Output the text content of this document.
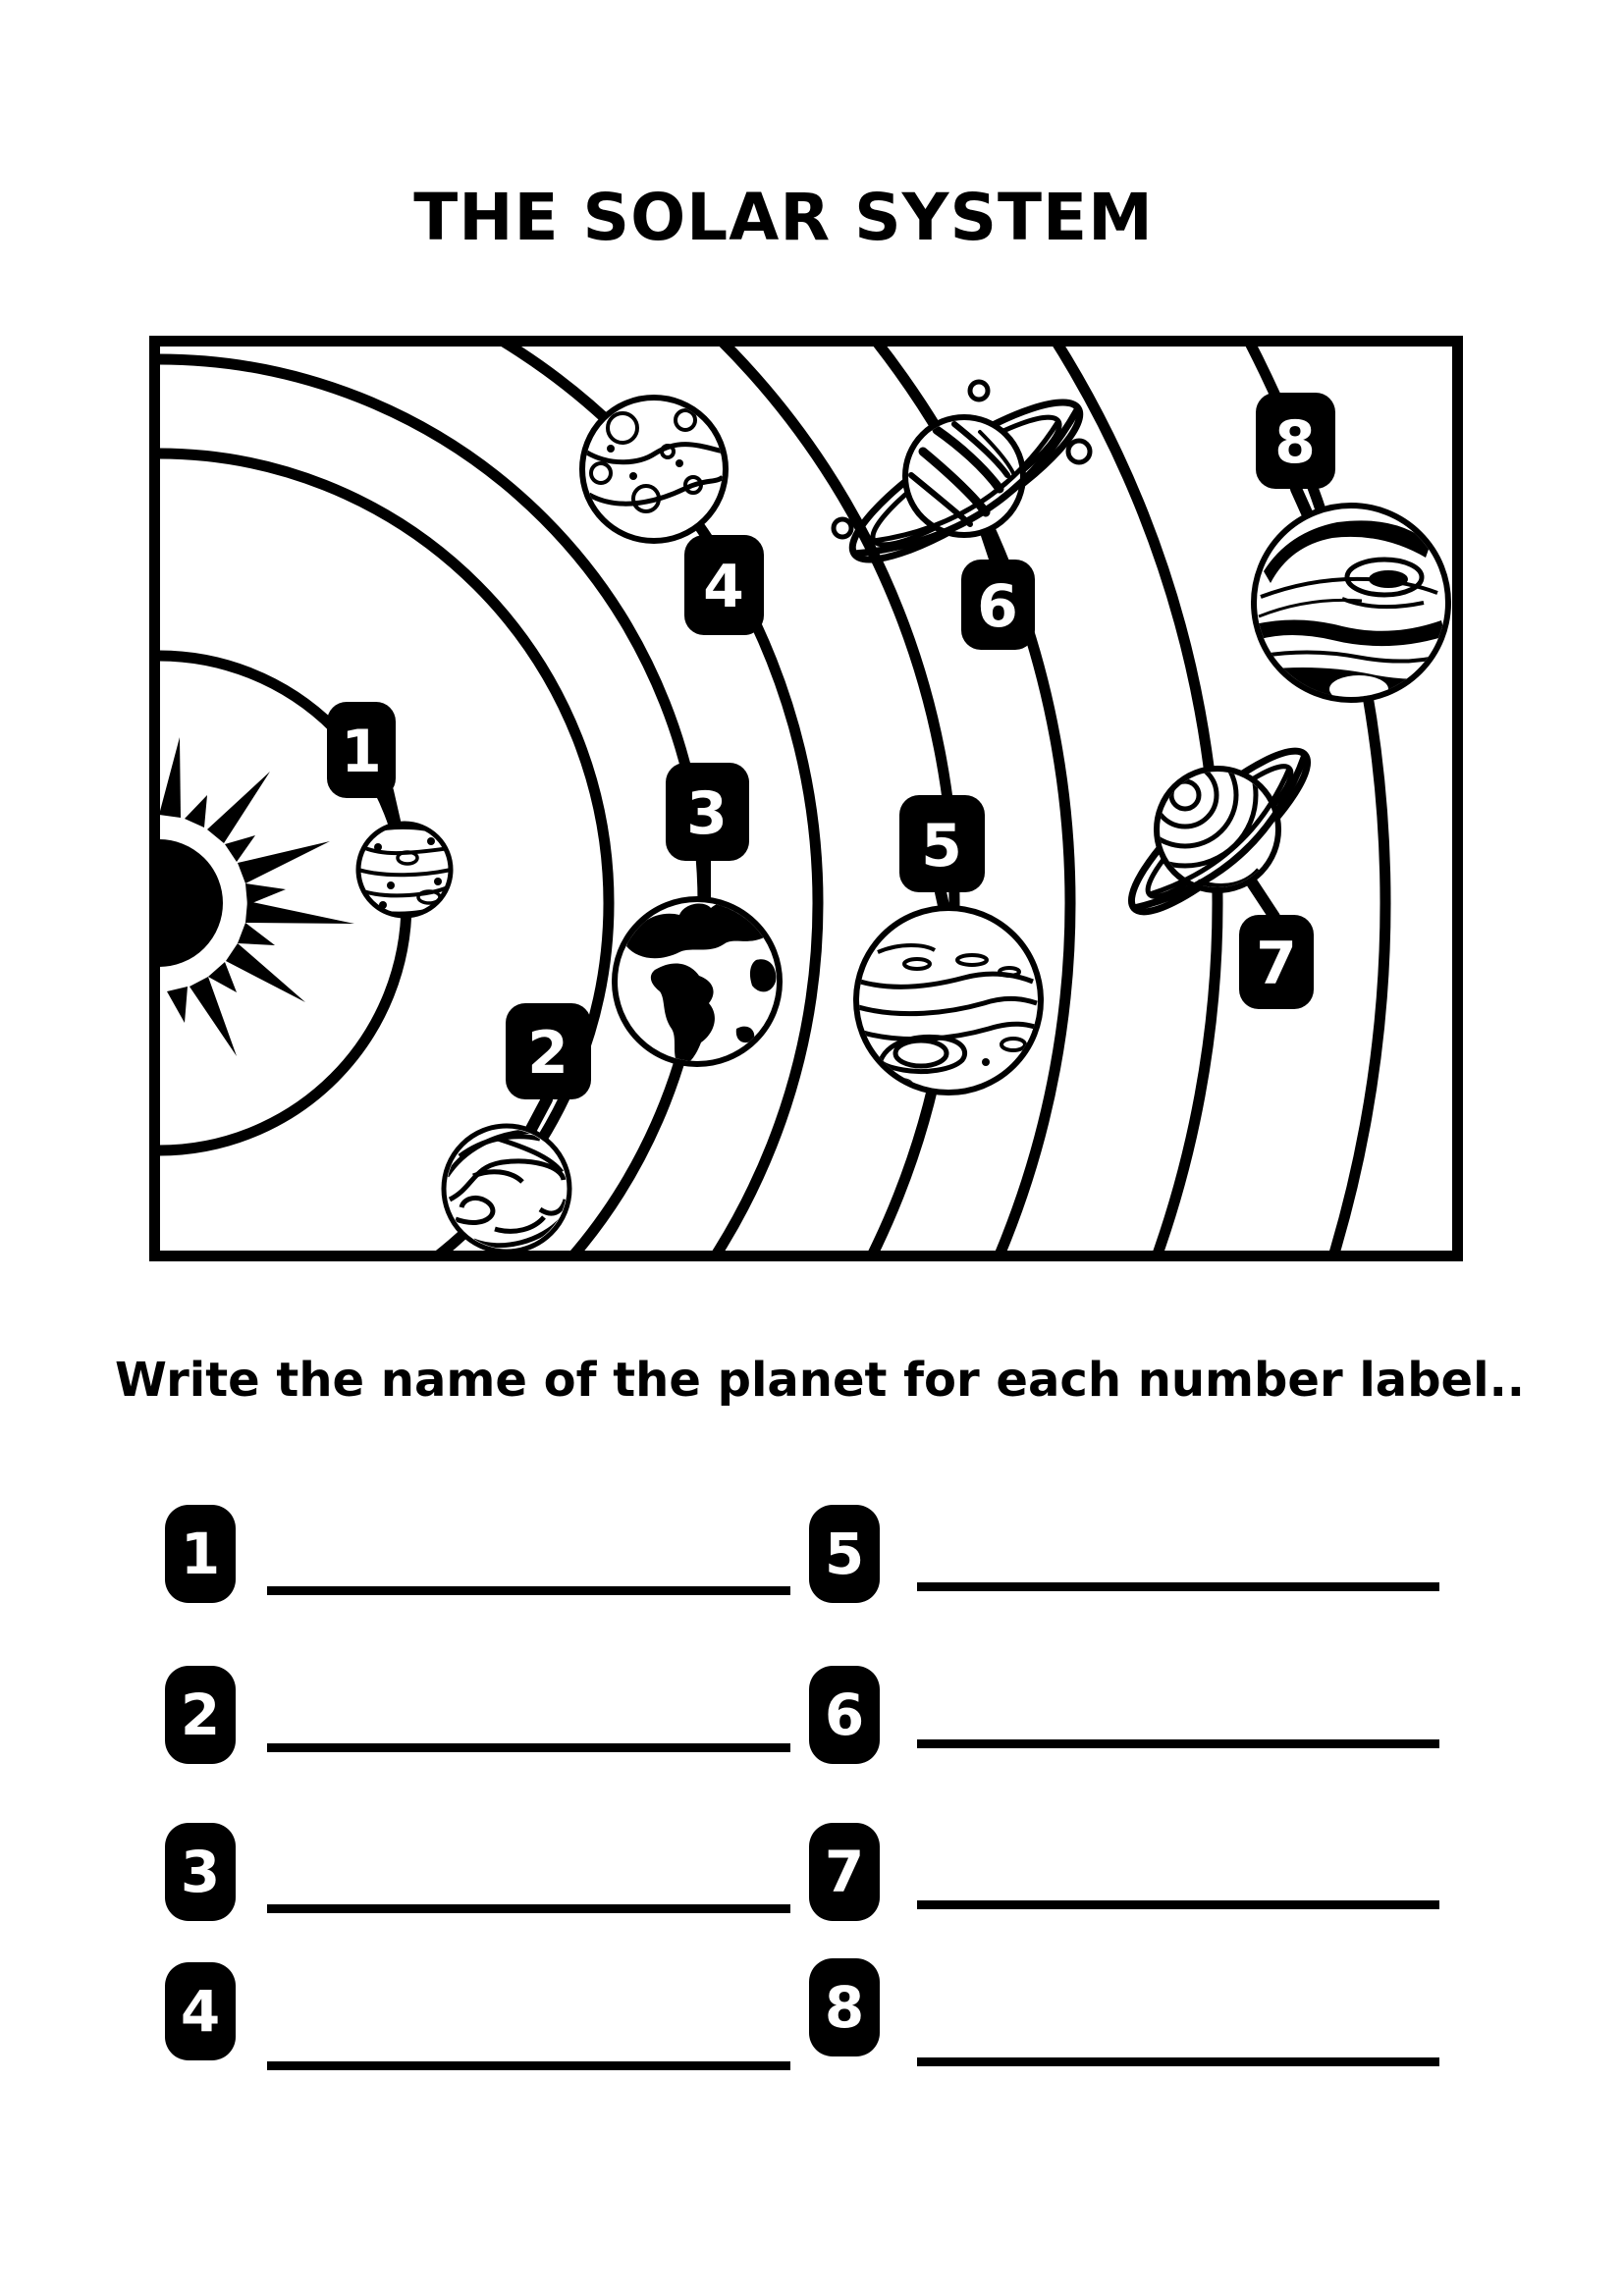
THE SOLAR SYSTEM
1
2
3
4
5
6
7
8
Write the name of the planet for each number label..
1
2
3
4
5
6
7
8
